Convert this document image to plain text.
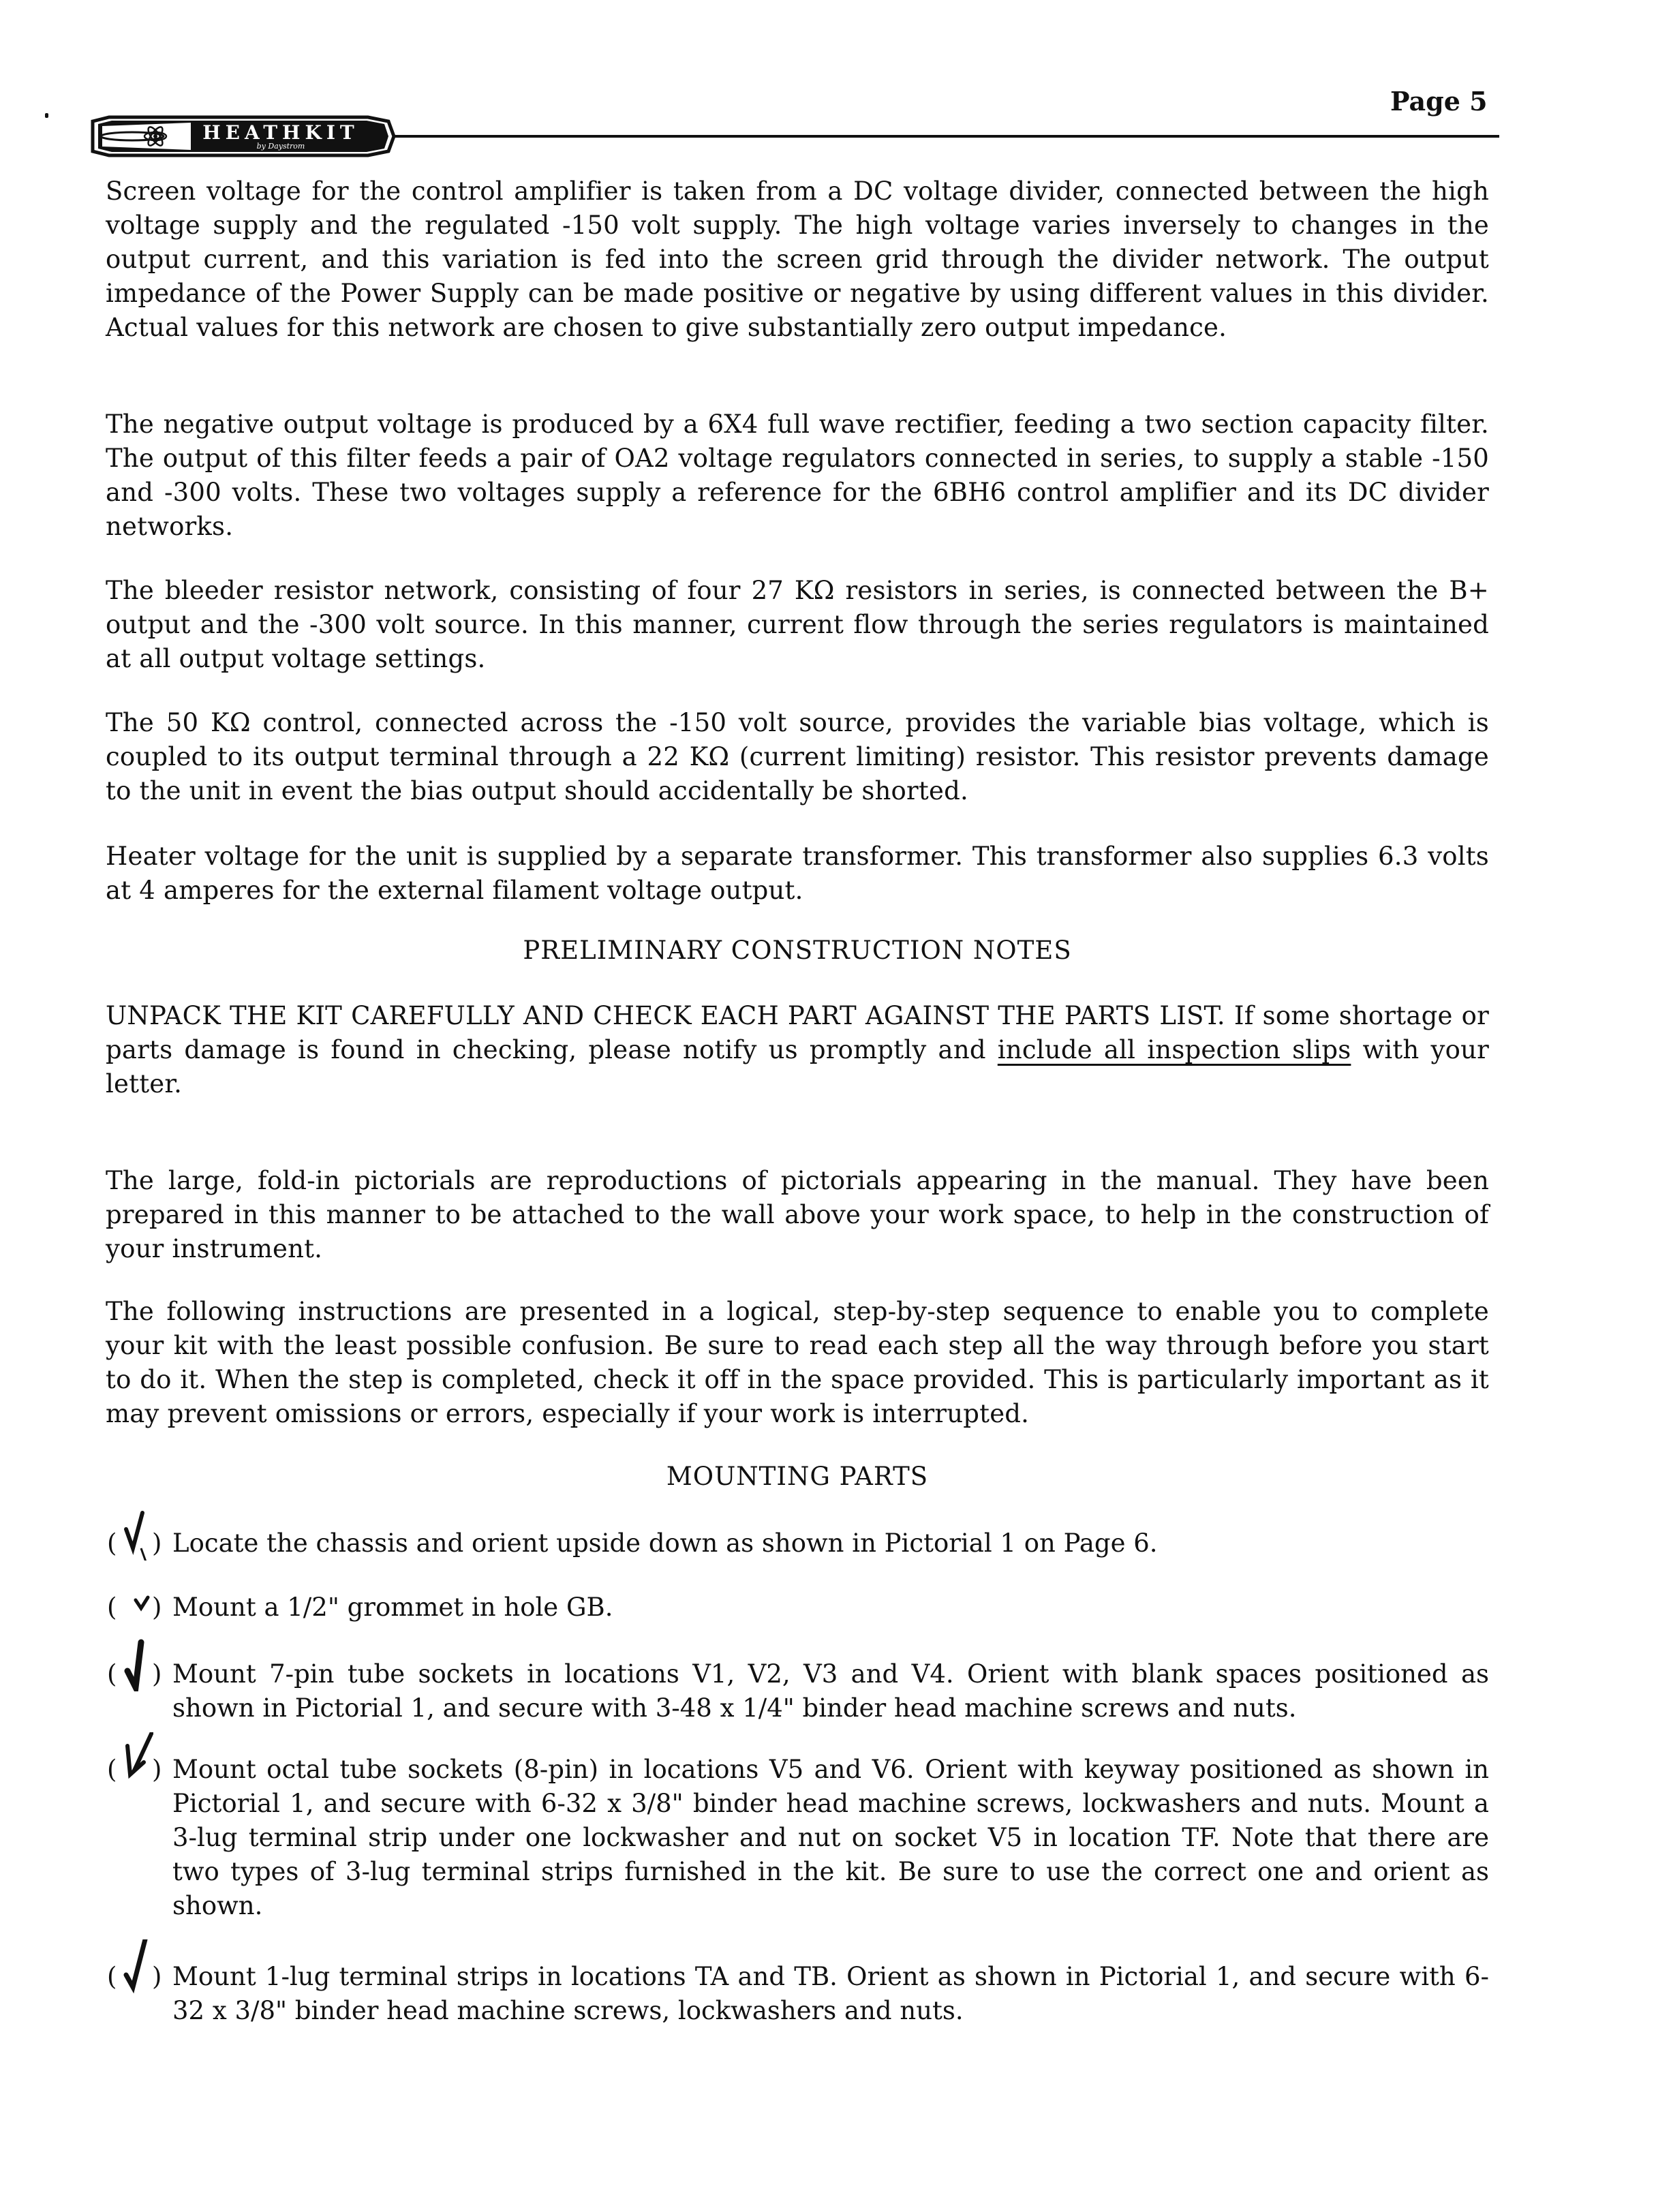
HEATHKIT
by Daystrom
Page 5

Screen voltage for the control amplifier is taken from a DC voltage divider, connected between the high voltage supply and the regulated -150 volt supply. The high voltage varies inversely to changes in the output current, and this variation is fed into the screen grid through the divider network. The output impedance of the Power Supply can be made positive or negative by using different values in this divider. Actual values for this network are chosen to give substantially zero output impedance.

The negative output voltage is produced by a 6X4 full wave rectifier, feeding a two section capacity filter. The output of this filter feeds a pair of OA2 voltage regulators connected in series, to supply a stable -150 and -300 volts. These two voltages supply a reference for the 6BH6 control amplifier and its DC divider networks.

The bleeder resistor network, consisting of four 27 KΩ resistors in series, is connected between the B+ output and the -300 volt source. In this manner, current flow through the series regulators is maintained at all output voltage settings.

The 50 KΩ control, connected across the -150 volt source, provides the variable bias voltage, which is coupled to its output terminal through a 22 KΩ (current limiting) resistor. This resistor prevents damage to the unit in event the bias output should accidentally be shorted.

Heater voltage for the unit is supplied by a separate transformer. This transformer also supplies 6.3 volts at 4 amperes for the external filament voltage output.

PRELIMINARY CONSTRUCTION NOTES

UNPACK THE KIT CAREFULLY AND CHECK EACH PART AGAINST THE PARTS LIST. If some shortage or parts damage is found in checking, please notify us promptly and include all inspection slips with your letter.

The large, fold-in pictorials are reproductions of pictorials appearing in the manual. They have been prepared in this manner to be attached to the wall above your work space, to help in the construction of your instrument.

The following instructions are presented in a logical, step-by-step sequence to enable you to complete your kit with the least possible confusion. Be sure to read each step all the way through before you start to do it. When the step is completed, check it off in the space provided. This is particularly important as it may prevent omissions or errors, especially if your work is interrupted.

MOUNTING PARTS
( ) Locate the chassis and orient upside down as shown in Pictorial 1 on Page 6.
( ) Mount a 1/2" grommet in hole GB.
( ) Mount 7-pin tube sockets in locations V1, V2, V3 and V4. Orient with blank spaces positioned as shown in Pictorial 1, and secure with 3-48 x 1/4" binder head machine screws and nuts.
( ) Mount octal tube sockets (8-pin) in locations V5 and V6. Orient with keyway positioned as shown in Pictorial 1, and secure with 6-32 x 3/8" binder head machine screws, lockwashers and nuts. Mount a 3-lug terminal strip under one lockwasher and nut on socket V5 in location TF. Note that there are two types of 3-lug terminal strips furnished in the kit. Be sure to use the correct one and orient as shown.
( ) Mount 1-lug terminal strips in locations TA and TB. Orient as shown in Pictorial 1, and secure with 6-32 x 3/8" binder head machine screws, lockwashers and nuts.
